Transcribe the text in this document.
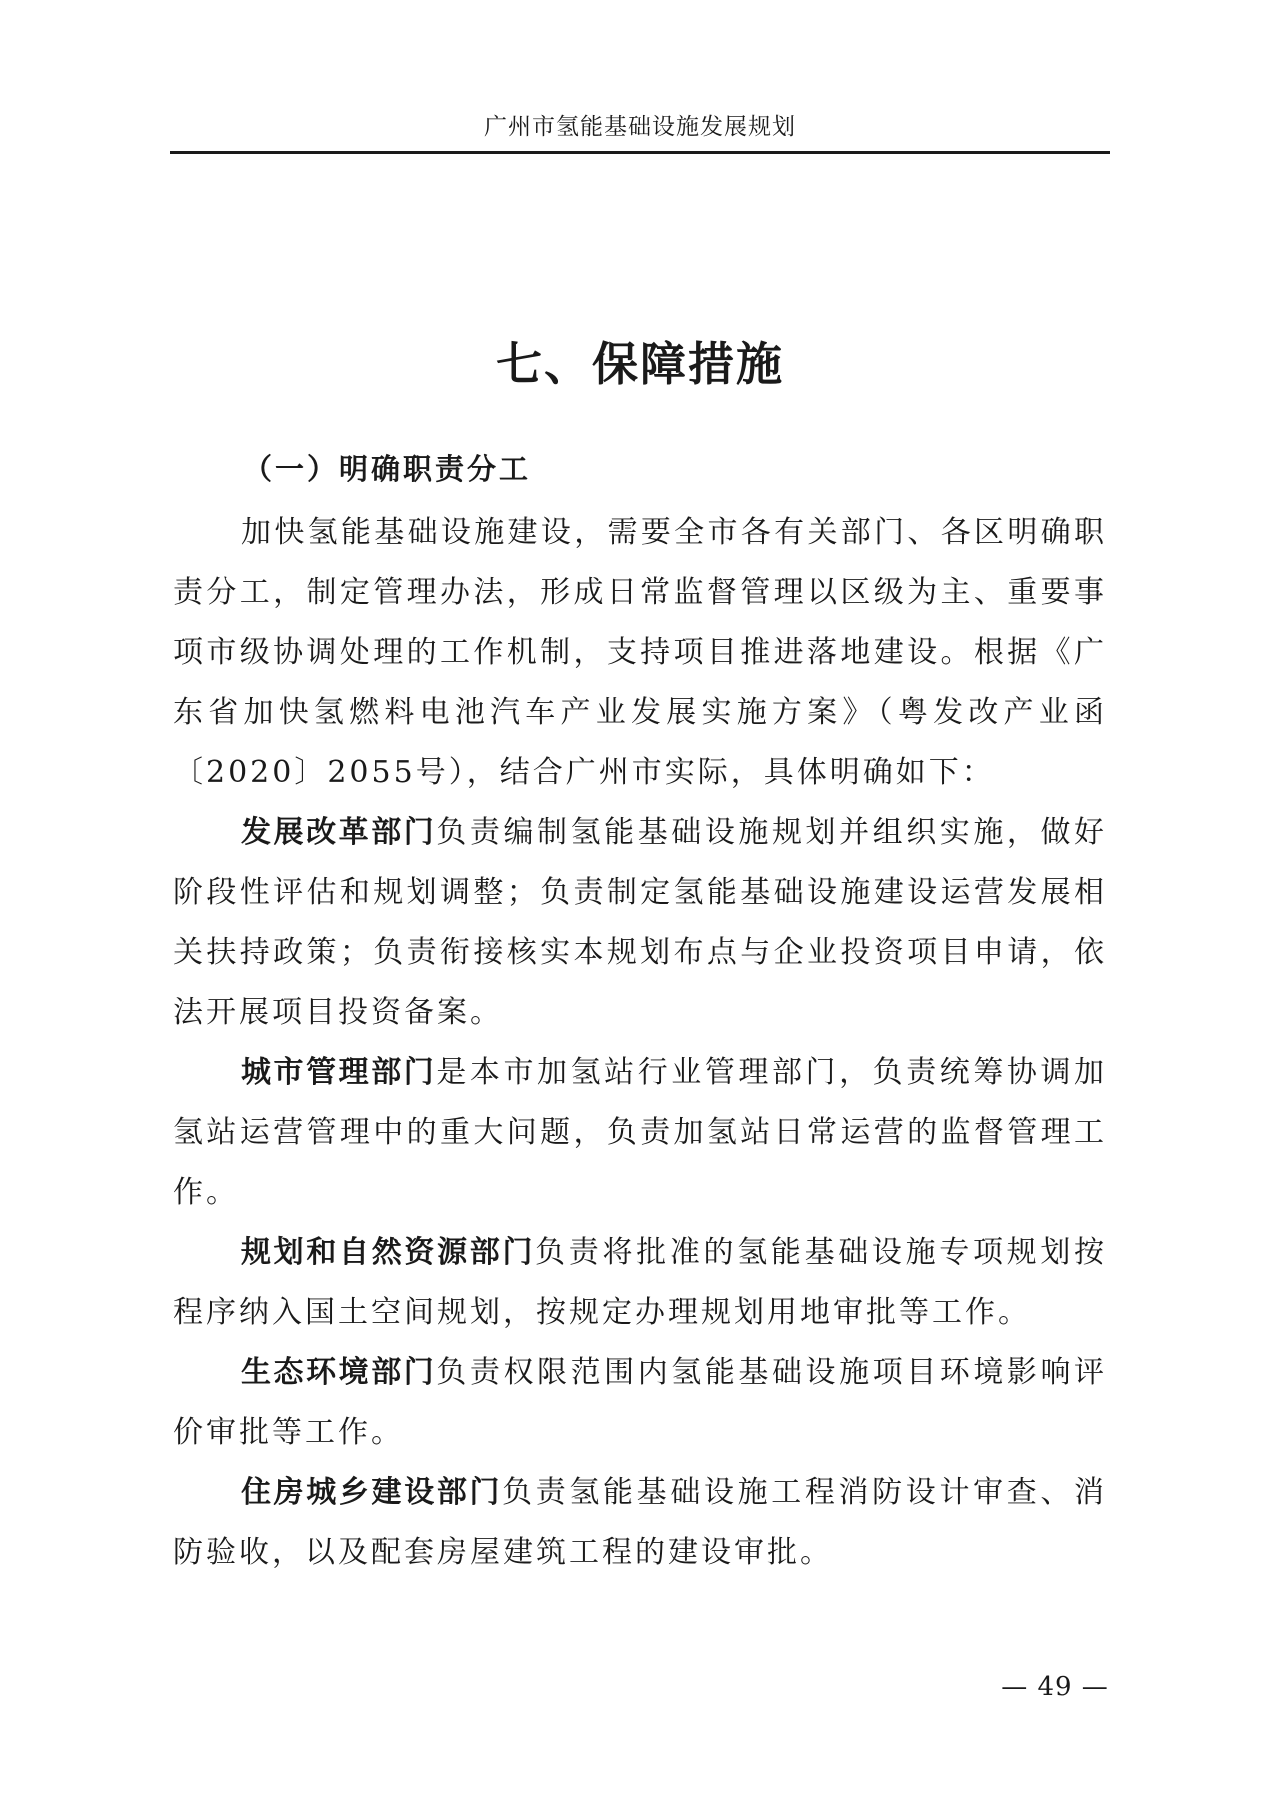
广州市氢能基础设施发展规划
七、保障措施
（一）明确职责分工

加快氢能基础设施建设，需要全市各有关部门、各区明确职责分工，制定管理办法，形成日常监督管理以区级为主、重要事项市级协调处理的工作机制，支持项目推进落地建设。根据《广东省加快氢燃料电池汽车产业发展实施方案》（粤发改产业函〔2020〕2055号），结合广州市实际，具体明确如下：

发展改革部门负责编制氢能基础设施规划并组织实施，做好阶段性评估和规划调整；负责制定氢能基础设施建设运营发展相关扶持政策；负责衔接核实本规划布点与企业投资项目申请，依法开展项目投资备案。

城市管理部门是本市加氢站行业管理部门，负责统筹协调加氢站运营管理中的重大问题，负责加氢站日常运营的监督管理工作。

规划和自然资源部门负责将批准的氢能基础设施专项规划按程序纳入国土空间规划，按规定办理规划用地审批等工作。

生态环境部门负责权限范围内氢能基础设施项目环境影响评价审批等工作。

住房城乡建设部门负责氢能基础设施工程消防设计审查、消防验收，以及配套房屋建筑工程的建设审批。

— 49 —
